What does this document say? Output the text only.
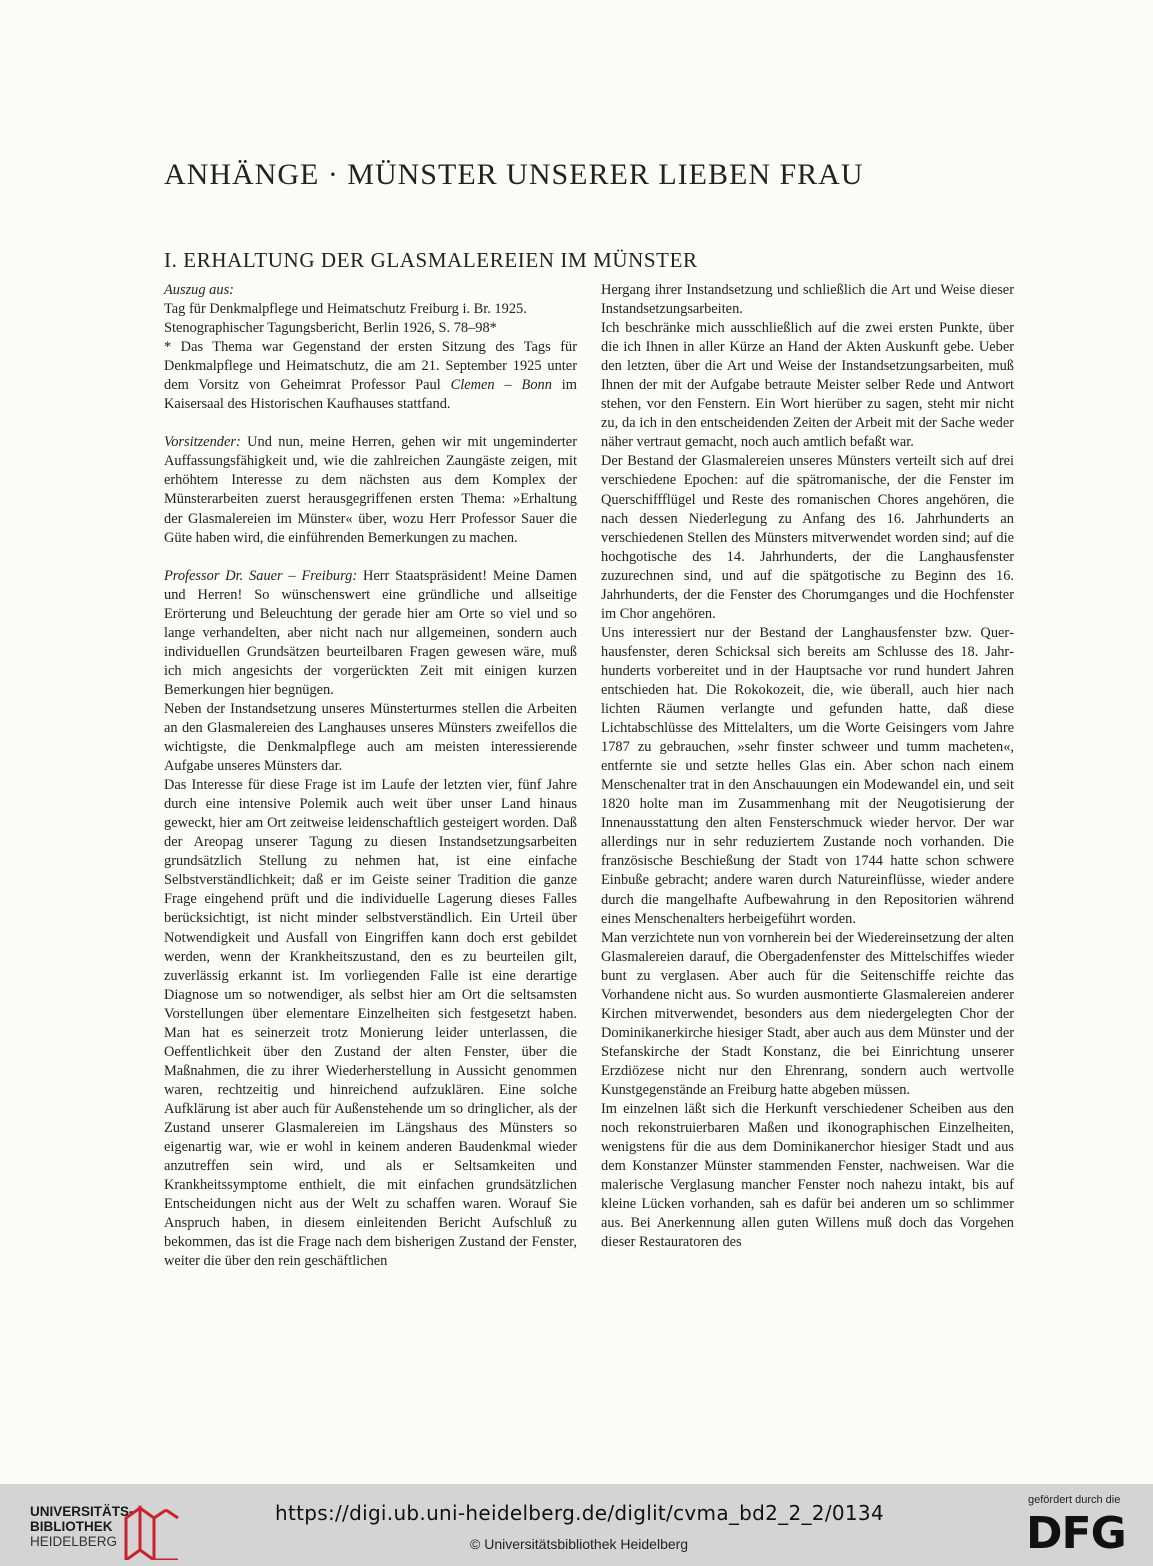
ANHÄNGE · MÜNSTER UNSERER LIEBEN FRAU
I. ERHALTUNG DER GLASMALEREIEN IM MÜNSTER

Auszug aus:

Tag für Denkmalpflege und Heimatschutz Freiburg i. Br. 1925.

Stenographischer Tagungsbericht, Berlin 1926, S. 78–98*

* Das Thema war Gegenstand der ersten Sitzung des Tags für Denkmalpflege und Heimatschutz, die am 21. September 1925 unter dem Vorsitz von Geheimrat Professor Paul Clemen – Bonn im Kaisersaal des Historischen Kaufhauses stattfand.

Vorsitzender: Und nun, meine Herren, gehen wir mit ungeminderter Auffassungsfähigkeit und, wie die zahlreichen Zaungäste zeigen, mit erhöhtem Interesse zu dem nächsten aus dem Komplex der Münsterarbeiten zuerst herausgegriffenen ersten Thema: »Erhaltung der Glasmalereien im Münster« über, wozu Herr Professor Sauer die Güte haben wird, die einführenden Bemerkungen zu machen.

Professor Dr. Sauer – Freiburg: Herr Staatspräsident! Meine Damen und Herren! So wünschenswert eine gründliche und allseitige Erörterung und Beleuchtung der gerade hier am Orte so viel und so lange verhandelten, aber nicht nach nur allgemeinen, sondern auch individuellen Grundsätzen beurteilbaren Fragen gewesen wäre, muß ich mich angesichts der vorgerückten Zeit mit einigen kurzen Bemerkungen hier begnügen.

Neben der Instandsetzung unseres Münsterturmes stellen die Arbeiten an den Glasmalereien des Langhauses unseres Münsters zweifellos die wichtigste, die Denkmalpflege auch am meisten interessierende Aufgabe unseres Münsters dar.

Das Interesse für diese Frage ist im Laufe der letzten vier, fünf Jahre durch eine intensive Polemik auch weit über unser Land hinaus geweckt, hier am Ort zeitweise leidenschaftlich gesteigert worden. Daß der Areopag unserer Tagung zu diesen Instandsetzungsarbeiten grundsätzlich Stellung zu nehmen hat, ist eine einfache Selbstverständlichkeit; daß er im Geiste seiner Tradition die ganze Frage eingehend prüft und die individuelle Lagerung dieses Falles berücksichtigt, ist nicht minder selbstverständlich. Ein Urteil über Notwendigkeit und Ausfall von Eingriffen kann doch erst gebildet werden, wenn der Krankheitszustand, den es zu beurteilen gilt, zuverlässig erkannt ist. Im vorliegenden Falle ist eine derartige Diagnose um so notwendiger, als selbst hier am Ort die seltsamsten Vorstellungen über elementare Einzelheiten sich festgesetzt haben. Man hat es seinerzeit trotz Monierung leider unterlassen, die Oeffentlichkeit über den Zustand der alten Fenster, über die Maßnahmen, die zu ihrer Wiederherstellung in Aussicht genommen waren, rechtzeitig und hinreichend aufzuklären. Eine solche Aufklärung ist aber auch für Außenstehende um so dringlicher, als der Zustand unserer Glasmalereien im Längshaus des Münsters so eigenartig war, wie er wohl in keinem anderen Baudenkmal wieder anzutreffen sein wird, und als er Seltsamkeiten und Krankheitssymptome enthielt, die mit einfachen grundsätzlichen Entscheidungen nicht aus der Welt zu schaffen waren. Worauf Sie Anspruch haben, in diesem einleitenden Bericht Aufschluß zu bekommen, das ist die Frage nach dem bisherigen Zustand der Fenster, weiter die über den rein geschäftlichen

Hergang ihrer Instandsetzung und schließlich die Art und Weise dieser Instandsetzungsarbeiten.

Ich beschränke mich ausschließlich auf die zwei ersten Punkte, über die ich Ihnen in aller Kürze an Hand der Akten Auskunft gebe. Ueber den letzten, über die Art und Weise der Instandsetzungsarbeiten, muß Ihnen der mit der Aufgabe betraute Meister selber Rede und Antwort stehen, vor den Fenstern. Ein Wort hierüber zu sagen, steht mir nicht zu, da ich in den entscheidenden Zeiten der Arbeit mit der Sache weder näher vertraut gemacht, noch auch amtlich befaßt war.

Der Bestand der Glasmalereien unseres Münsters verteilt sich auf drei verschiedene Epochen: auf die spätromanische, der die Fenster im Querschiffflügel und Reste des romanischen Chores angehören, die nach dessen Niederlegung zu Anfang des 16. Jahrhunderts an verschiedenen Stellen des Münsters mitverwendet worden sind; auf die hochgotische des 14. Jahrhunderts, der die Langhausfenster zuzurechnen sind, und auf die spätgotische zu Beginn des 16. Jahrhunderts, der die Fenster des Chorumganges und die Hochfenster im Chor angehören.

Uns interessiert nur der Bestand der Langhausfenster bzw. Querhausfenster, deren Schicksal sich bereits am Schlusse des 18. Jahrhunderts vorbereitet und in der Hauptsache vor rund hundert Jahren entschieden hat. Die Rokokozeit, die, wie überall, auch hier nach lichten Räumen verlangte und gefunden hatte, daß diese Lichtabschlüsse des Mittelalters, um die Worte Geisingers vom Jahre 1787 zu gebrauchen, »sehr finster schweer und tumm macheten«, entfernte sie und setzte helles Glas ein. Aber schon nach einem Menschenalter trat in den Anschauungen ein Modewandel ein, und seit 1820 holte man im Zusammenhang mit der Neugotisierung der Innenausstattung den alten Fensterschmuck wieder hervor. Der war allerdings nur in sehr reduziertem Zustande noch vorhanden. Die französische Beschießung der Stadt von 1744 hatte schon schwere Einbuße gebracht; andere waren durch Natureinflüsse, wieder andere durch die mangelhafte Aufbewahrung in den Repositorien während eines Menschenalters herbeigeführt worden.

Man verzichtete nun von vornherein bei der Wiedereinsetzung der alten Glasmalereien darauf, die Obergadenfenster des Mittelschiffes wieder bunt zu verglasen. Aber auch für die Seitenschiffe reichte das Vorhandene nicht aus. So wurden ausmontierte Glasmalereien anderer Kirchen mitverwendet, besonders aus dem niedergelegten Chor der Dominikanerkirche hiesiger Stadt, aber auch aus dem Münster und der Stefanskirche der Stadt Konstanz, die bei Einrichtung unserer Erzdiözese nicht nur den Ehrenrang, sondern auch wertvolle Kunstgegenstände an Freiburg hatte abgeben müssen.

Im einzelnen läßt sich die Herkunft verschiedener Scheiben aus den noch rekonstruierbaren Maßen und ikonographischen Einzelheiten, wenigstens für die aus dem Dominikanerchor hiesiger Stadt und aus dem Konstanzer Münster stammenden Fenster, nachweisen. War die malerische Verglasung mancher Fenster noch nahezu intakt, bis auf kleine Lücken vorhanden, sah es dafür bei anderen um so schlimmer aus. Bei Anerkennung allen guten Willens muß doch das Vorgehen dieser Restauratoren des

UNIVERSITÄTS-
BIBLIOTHEK
HEIDELBERG
https://digi.ub.uni-heidelberg.de/diglit/cvma_bd2_2_2/0134
© Universitätsbibliothek Heidelberg
gefördert durch die
DFG
